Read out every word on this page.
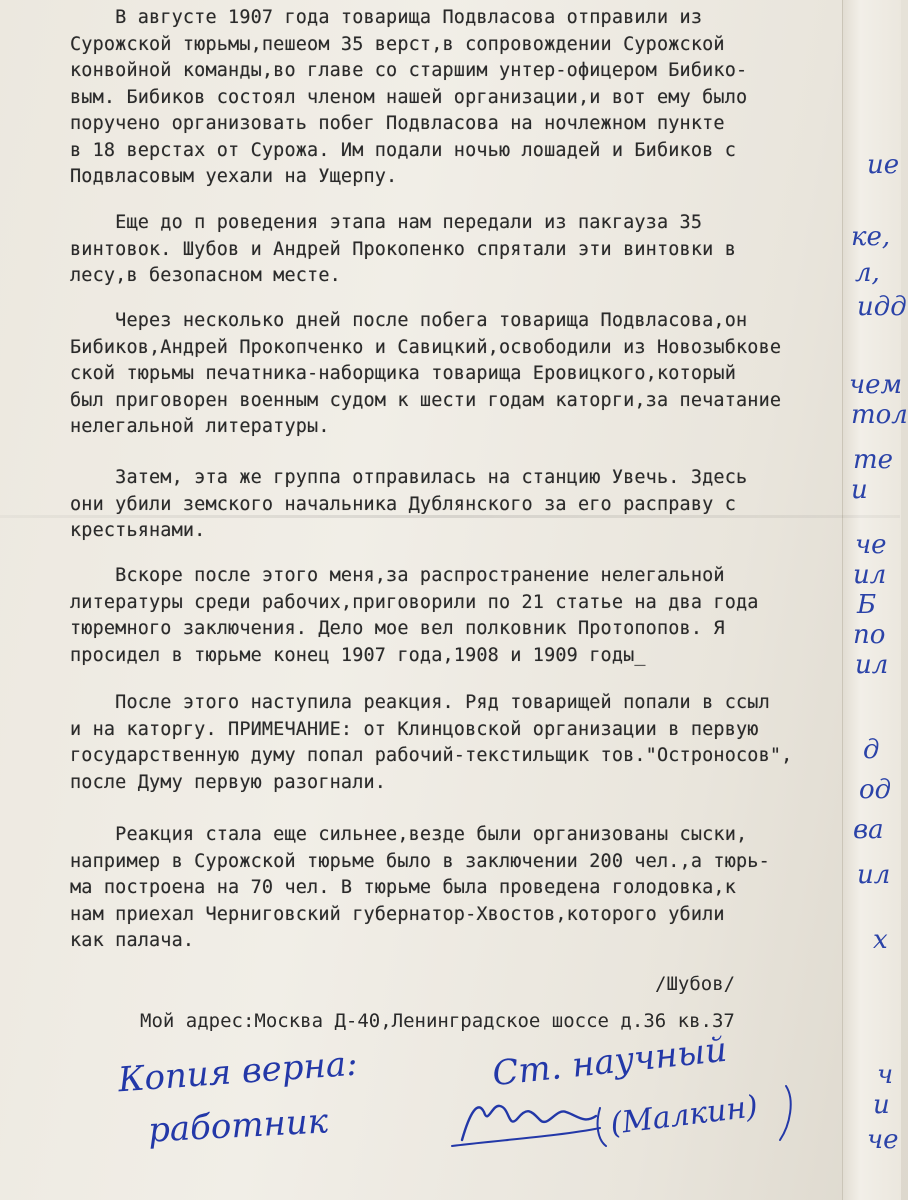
ие
ке,
л,
идд
чем
тол
те
и
че
ил
Б
по
ил
д
од
ва
ил
х
ч
и
че
В августе 1907 года товарища Подвласова отправили из
Сурожской тюрьмы,пешеом 35 верст,в сопровождении Сурожской
конвойной команды,во главе со старшим унтер-офицером Бибико-
вым. Бибиков состоял членом нашей организации,и вот ему было
поручено организовать побег Подвласова на ночлежном пункте
в 18 верстах от Сурожа. Им подали ночью лошадей и Бибиков с
Подвласовым уехали на Ущерпу.
Еще до п роведения этапа нам передали из пакгауза 35
винтовок. Шубов и Андрей Прокопенко спрятали эти винтовки в
лесу,в безопасном месте.
Через несколько дней после побега товарища Подвласова,он
Бибиков,Андрей Прокопченко и Савицкий,освободили из Новозыбкове
ской тюрьмы печатника-наборщика товарища Еровицкого,который
был приговорен военным судом к шести годам каторги,за печатание
нелегальной литературы.
Затем, эта же группа отправилась на станцию Увечь. Здесь
они убили земского начальника Дублянского за его расправу с
крестьянами.
Вскоре после этого меня,за распространение нелегальной
литературы среди рабочих,приговорили по 21 статье на два года
тюремного заключения. Дело мое вел полковник Протопопов. Я
просидел в тюрьме конец 1907 года,1908 и 1909 годы_
После этого наступила реакция. Ряд товарищей попали в ссыл
и на каторгу. ПРИМЕЧАНИЕ: от Клинцовской организации в первую
государственную думу попал рабочий-текстильщик тов."Остроносов",
после Думу первую разогнали.
Реакция стала еще сильнее,везде были организованы сыски,
например в Сурожской тюрьме было в заключении 200 чел.,а тюрь-
ма построена на 70 чел. В тюрьме была проведена голодовка,к
нам приехал Черниговский губернатор-Хвостов,которого убили
как палача.
/Шубов/
Мой адрес:Москва Д-40,Ленинградское шоссе д.36 кв.37
Копия верна:	Ст. научный
работник	(Малкин)
